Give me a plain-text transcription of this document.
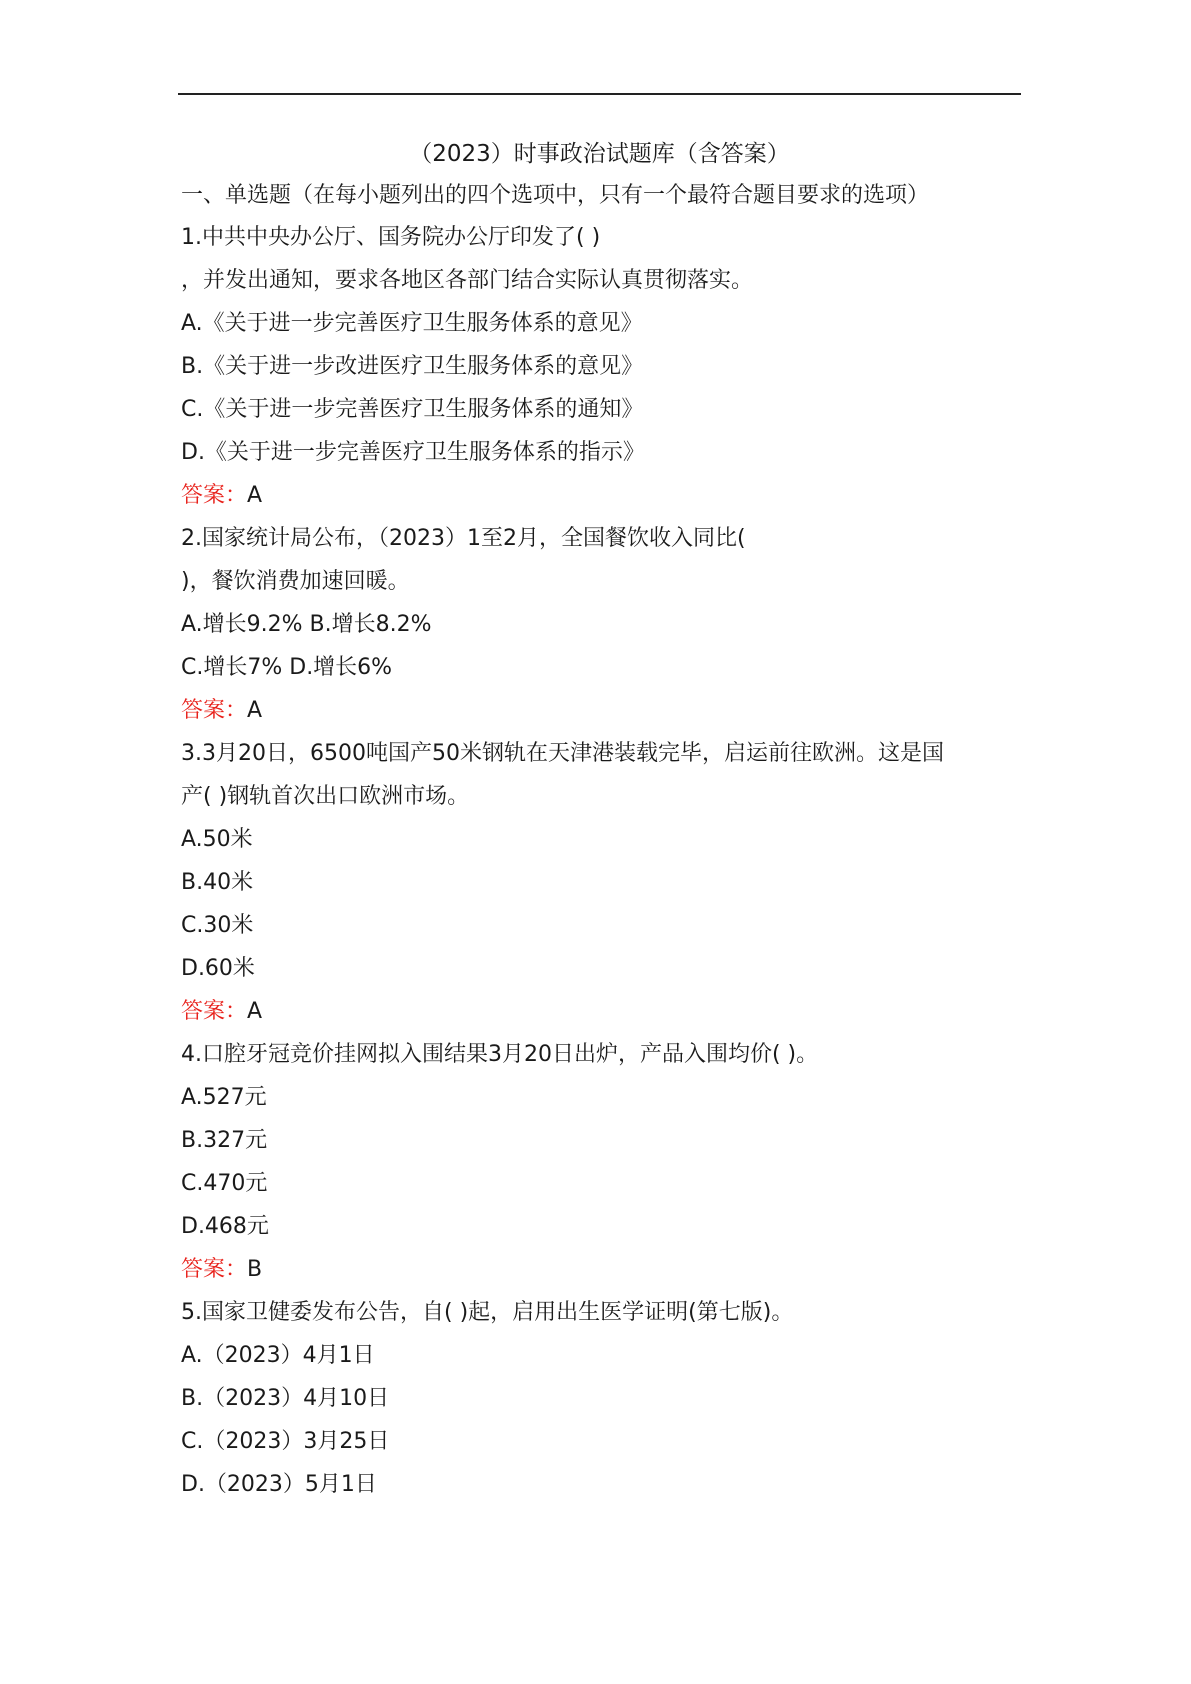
（2023）时事政治试题库（含答案）
一、单选题（在每小题列出的四个选项中，只有一个最符合题目要求的选项）
1.中共中央办公厅、国务院办公厅印发了( )
，并发出通知，要求各地区各部门结合实际认真贯彻落实。
A.《关于进一步完善医疗卫生服务体系的意见》
B.《关于进一步改进医疗卫生服务体系的意见》
C.《关于进一步完善医疗卫生服务体系的通知》
D.《关于进一步完善医疗卫生服务体系的指示》
答案：A
2.国家统计局公布，（2023）1至2月，全国餐饮收入同比(
)，餐饮消费加速回暖。
A.增长9.2% B.增长8.2%
C.增长7% D.增长6%
答案：A
3.3月20日，6500吨国产50米钢轨在天津港装载完毕，启运前往欧洲。这是国
产( )钢轨首次出口欧洲市场。
A.50米
B.40米
C.30米
D.60米
答案：A
4.口腔牙冠竞价挂网拟入围结果3月20日出炉，产品入围均价( )。
A.527元
B.327元
C.470元
D.468元
答案：B
5.国家卫健委发布公告，自( )起，启用出生医学证明(第七版)。
A.（2023）4月1日
B.（2023）4月10日
C.（2023）3月25日
D.（2023）5月1日
